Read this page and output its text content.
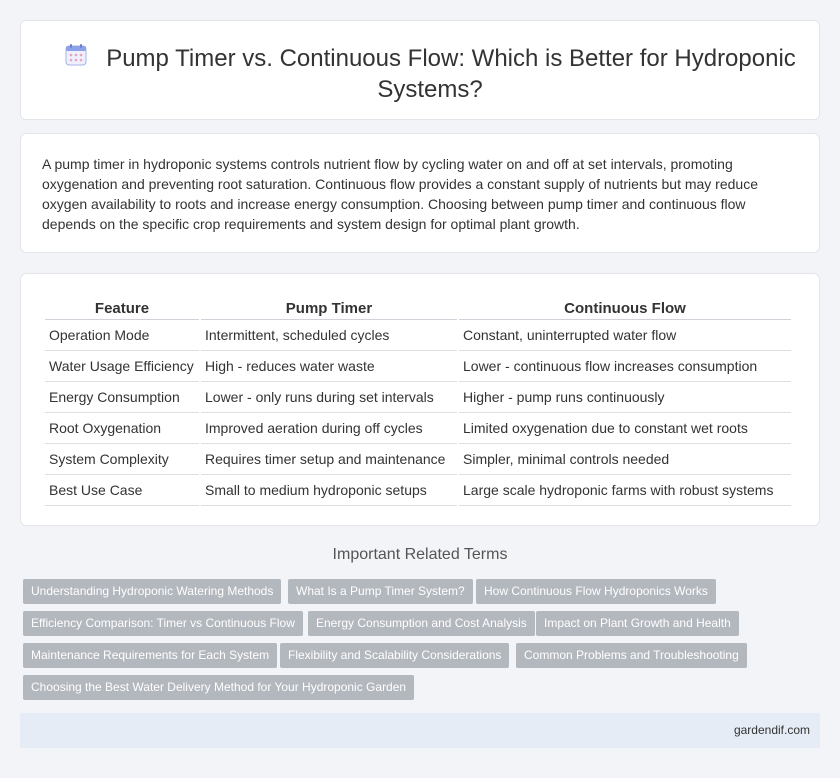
Pump Timer vs. Continuous Flow: Which is Better for Hydroponic Systems?

A pump timer in hydroponic systems controls nutrient flow by cycling water on and off at set intervals, promoting oxygenation and preventing root saturation. Continuous flow provides a constant supply of nutrients but may reduce oxygen availability to roots and increase energy consumption. Choosing between pump timer and continuous flow depends on the specific crop requirements and system design for optimal plant growth.

Feature	Pump Timer	Continuous Flow
Operation Mode	Intermittent, scheduled cycles	Constant, uninterrupted water flow
Water Usage Efficiency	High - reduces water waste	Lower - continuous flow increases consumption
Energy Consumption	Lower - only runs during set intervals	Higher - pump runs continuously
Root Oxygenation	Improved aeration during off cycles	Limited oxygenation due to constant wet roots
System Complexity	Requires timer setup and maintenance	Simpler, minimal controls needed
Best Use Case	Small to medium hydroponic setups	Large scale hydroponic farms with robust systems
Important Related Terms
Understanding Hydroponic Watering Methods	What Is a Pump Timer System?	How Continuous Flow Hydroponics Works
Efficiency Comparison: Timer vs Continuous Flow	Energy Consumption and Cost Analysis	Impact on Plant Growth and Health
Maintenance Requirements for Each System	Flexibility and Scalability Considerations	Common Problems and Troubleshooting
Choosing the Best Water Delivery Method for Your Hydroponic Garden
gardendif.com
